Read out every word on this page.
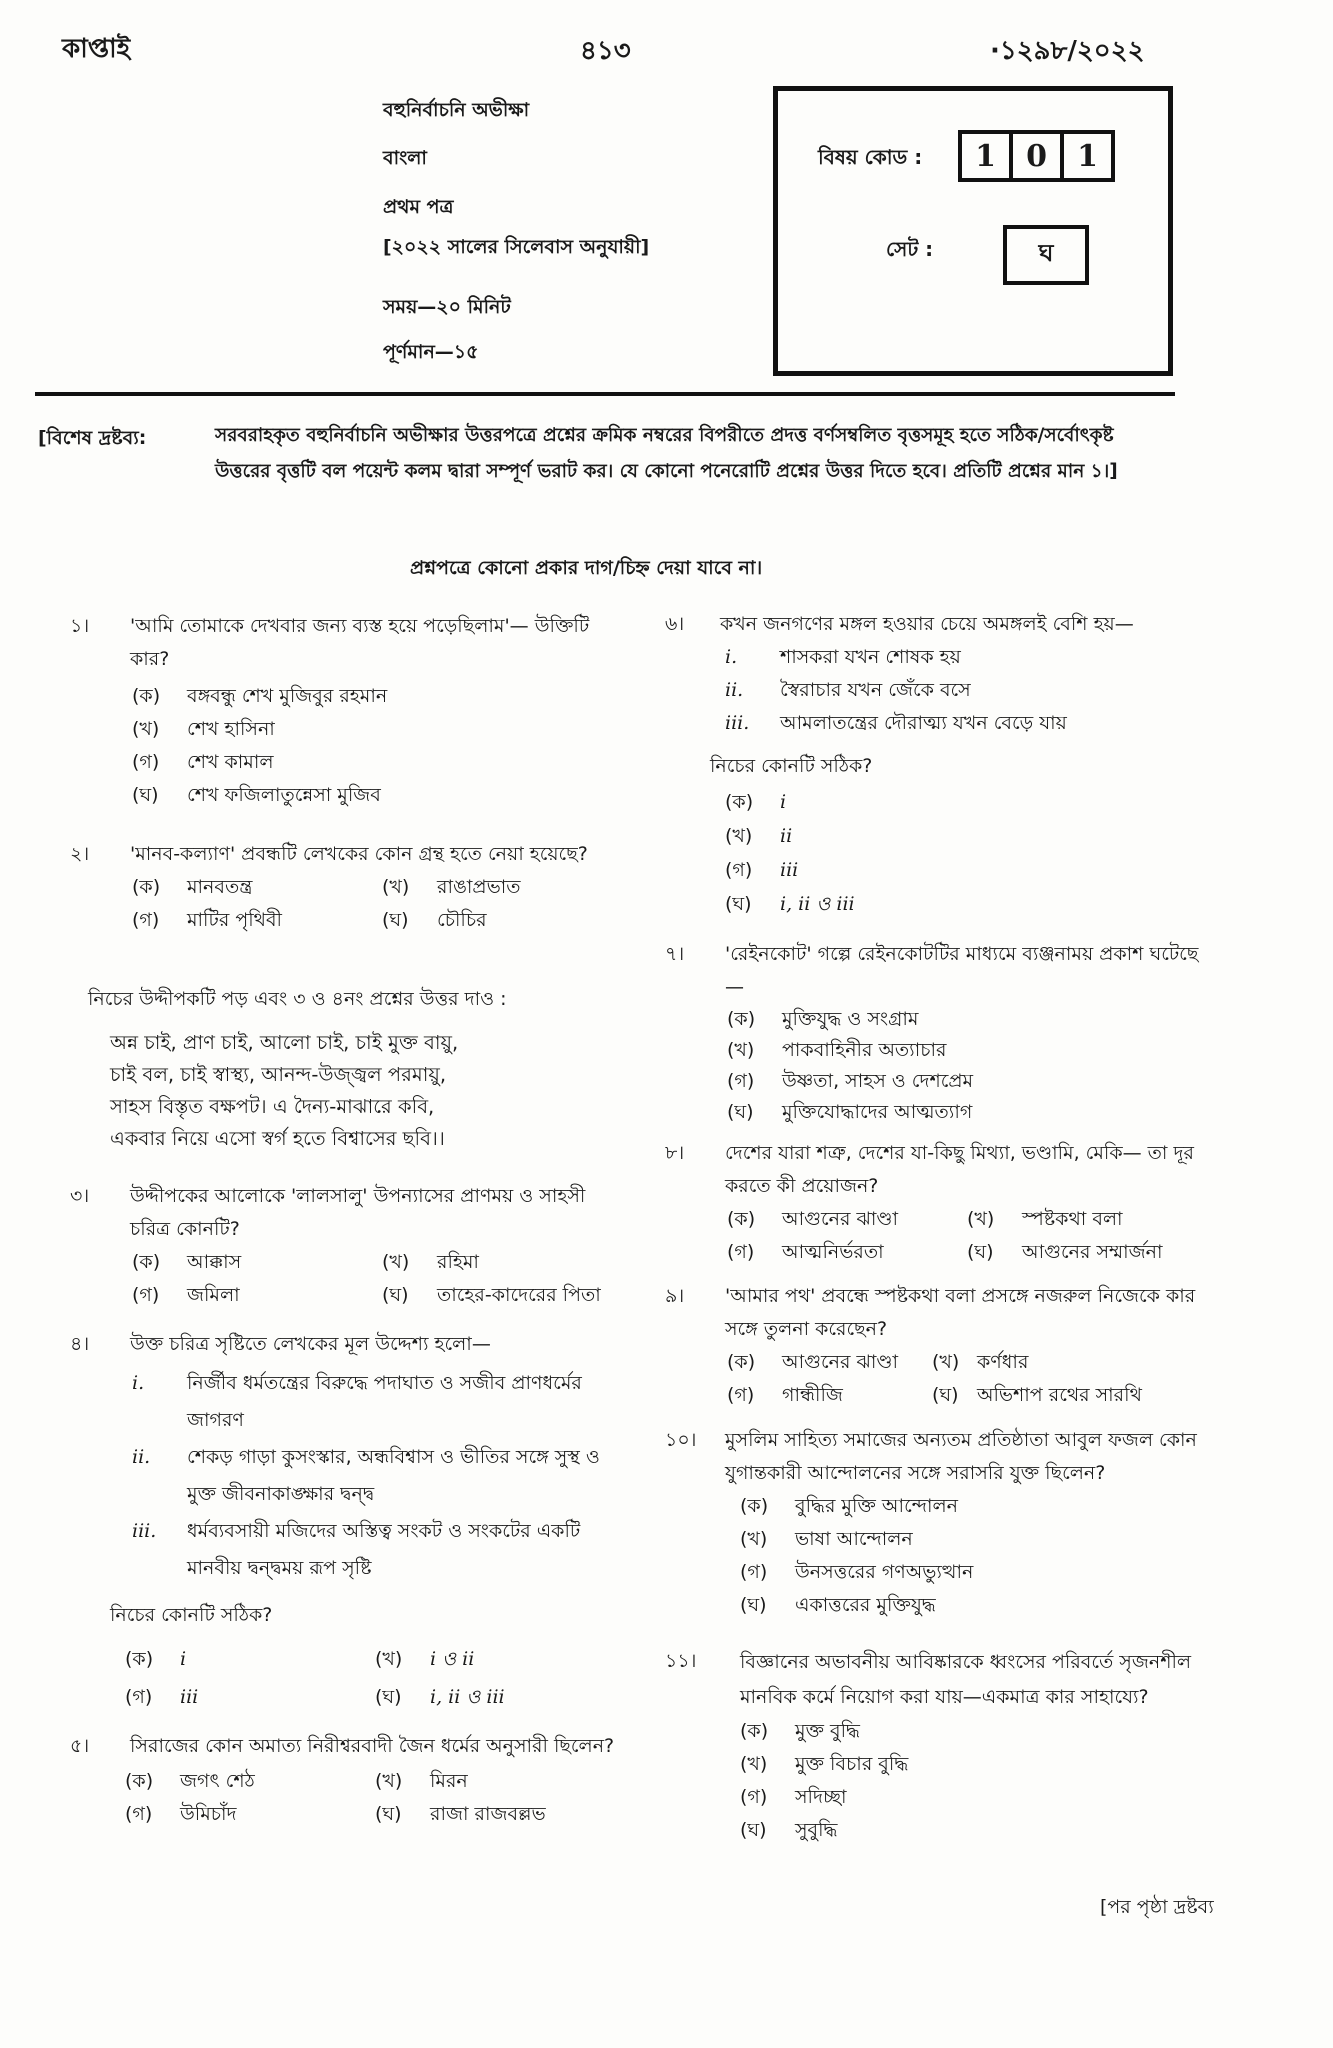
কাপ্তাই	৪১৩	·১২৯৮/২০২২
বহুনির্বাচনি অভীক্ষা
বাংলা
প্রথম পত্র
[২০২২ সালের সিলেবাস অনুযায়ী]
সময়—২০ মিনিট
পূর্ণমান—১৫
বিষয় কোড :	1	0	1
সেট :	ঘ
[বিশেষ দ্রষ্টব্য:	সরবরাহকৃত বহুনির্বাচনি অভীক্ষার উত্তরপত্রে প্রশ্নের ক্রমিক নম্বরের বিপরীতে প্রদত্ত বর্ণসম্বলিত বৃত্তসমূহ হতে সঠিক/সর্বোৎকৃষ্ট উত্তরের বৃত্তটি বল পয়েন্ট কলম দ্বারা সম্পূর্ণ ভরাট কর। যে কোনো পনেরোটি প্রশ্নের উত্তর দিতে হবে। প্রতিটি প্রশ্নের মান ১।]
প্রশ্নপত্রে কোনো প্রকার দাগ/চিহ্ন দেয়া যাবে না।
১। 'আমি তোমাকে দেখবার জন্য ব্যস্ত হয়ে পড়েছিলাম'— উক্তিটি কার?
(ক)	বঙ্গবন্ধু শেখ মুজিবুর রহমান
(খ)	শেখ হাসিনা
(গ)	শেখ কামাল
(ঘ)	শেখ ফজিলাতুন্নেসা মুজিব
২। 'মানব-কল্যাণ' প্রবন্ধটি লেখকের কোন গ্রন্থ হতে নেয়া হয়েছে?
(ক)	মানবতন্ত্র	(খ)	রাঙাপ্রভাত
(গ)	মাটির পৃথিবী	(ঘ)	চৌচির
নিচের উদ্দীপকটি পড় এবং ৩ ও ৪নং প্রশ্নের উত্তর দাও :
অন্ন চাই, প্রাণ চাই, আলো চাই, চাই মুক্ত বায়ু,
চাই বল, চাই স্বাস্থ্য, আনন্দ-উজ্জ্বল পরমায়ু,
সাহস বিস্তৃত বক্ষপট। এ দৈন্য-মাঝারে কবি,
একবার নিয়ে এসো স্বর্গ হতে বিশ্বাসের ছবি।।
৩। উদ্দীপকের আলোকে 'লালসালু' উপন্যাসের প্রাণময় ও সাহসী চরিত্র কোনটি?
(ক)	আক্কাস	(খ)	রহিমা
(গ)	জমিলা	(ঘ)	তাহের-কাদেরের পিতা
৪। উক্ত চরিত্র সৃষ্টিতে লেখকের মূল উদ্দেশ্য হলো—
i.	নির্জীব ধর্মতন্ত্রের বিরুদ্ধে পদাঘাত ও সজীব প্রাণধর্মের জাগরণ
ii.	শেকড় গাড়া কুসংস্কার, অন্ধবিশ্বাস ও ভীতির সঙ্গে সুস্থ ও মুক্ত জীবনাকাঙ্ক্ষার দ্বন্দ্ব
iii.	ধর্মব্যবসায়ী মজিদের অস্তিত্ব সংকট ও সংকটের একটি মানবীয় দ্বন্দ্বময় রূপ সৃষ্টি
নিচের কোনটি সঠিক?
(ক)	i	(খ)	i ও ii
(গ)	iii	(ঘ)	i, ii ও iii
৫। সিরাজের কোন অমাত্য নিরীশ্বরবাদী জৈন ধর্মের অনুসারী ছিলেন?
(ক)	জগৎ শেঠ	(খ)	মিরন
(গ)	উমিচাঁদ	(ঘ)	রাজা রাজবল্লভ
৬। কখন জনগণের মঙ্গল হওয়ার চেয়ে অমঙ্গলই বেশি হয়—
i.	শাসকরা যখন শোষক হয়
ii.	স্বৈরাচার যখন জেঁকে বসে
iii.	আমলাতন্ত্রের দৌরাত্ম্য যখন বেড়ে যায়
নিচের কোনটি সঠিক?
(ক)	i
(খ)	ii
(গ)	iii
(ঘ)	i, ii ও iii
৭। 'রেইনকোট' গল্পে রেইনকোটটির মাধ্যমে ব্যঞ্জনাময় প্রকাশ ঘটেছে—
(ক)	মুক্তিযুদ্ধ ও সংগ্রাম
(খ)	পাকবাহিনীর অত্যাচার
(গ)	উষ্ণতা, সাহস ও দেশপ্রেম
(ঘ)	মুক্তিযোদ্ধাদের আত্মত্যাগ
৮। দেশের যারা শত্রু, দেশের যা-কিছু মিথ্যা, ভণ্ডামি, মেকি— তা দূর করতে কী প্রয়োজন?
(ক)	আগুনের ঝাণ্ডা	(খ)	স্পষ্টকথা বলা
(গ)	আত্মনির্ভরতা	(ঘ)	আগুনের সম্মার্জনা
৯। 'আমার পথ' প্রবন্ধে স্পষ্টকথা বলা প্রসঙ্গে নজরুল নিজেকে কার সঙ্গে তুলনা করেছেন?
(ক)	আগুনের ঝাণ্ডা (খ) কর্ণধার
(গ)	গান্ধীজি	(ঘ) অভিশাপ রথের সারথি
১০। মুসলিম সাহিত্য সমাজের অন্যতম প্রতিষ্ঠাতা আবুল ফজল কোন যুগান্তকারী আন্দোলনের সঙ্গে সরাসরি যুক্ত ছিলেন?
(ক)	বুদ্ধির মুক্তি আন্দোলন
(খ)	ভাষা আন্দোলন
(গ)	উনসত্তরের গণঅভ্যুত্থান
(ঘ)	একাত্তরের মুক্তিযুদ্ধ
১১। বিজ্ঞানের অভাবনীয় আবিষ্কারকে ধ্বংসের পরিবর্তে সৃজনশীল মানবিক কর্মে নিয়োগ করা যায়—একমাত্র কার সাহায্যে?
(ক)	মুক্ত বুদ্ধি
(খ)	মুক্ত বিচার বুদ্ধি
(গ)	সদিচ্ছা
(ঘ)	সুবুদ্ধি
[পর পৃষ্ঠা দ্রষ্টব্য
